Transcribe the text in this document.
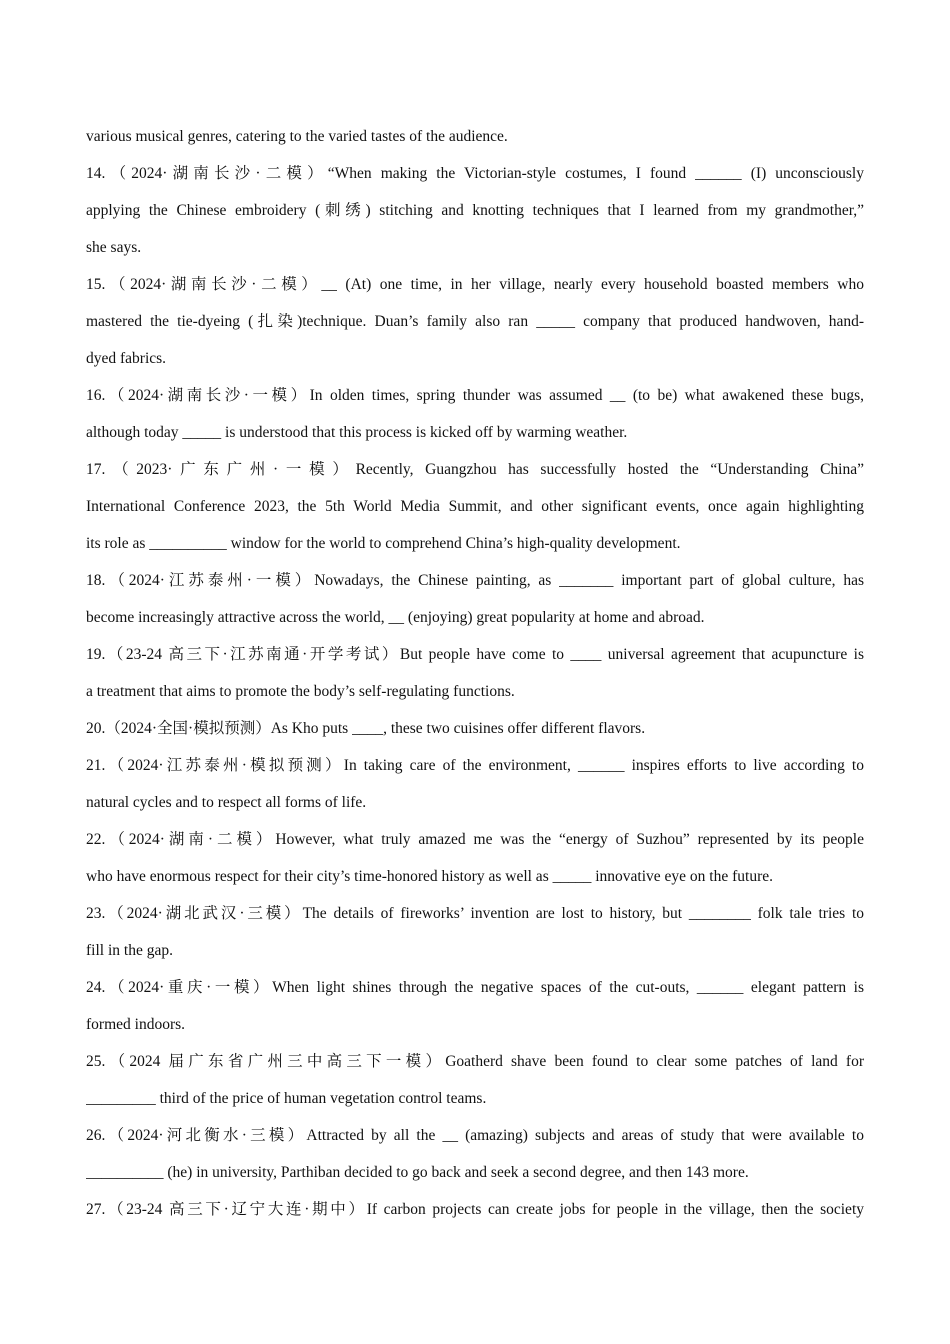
various musical genres, catering to the varied tastes of the audience.
14.（2024·湖南长沙·二模）“When making the Victorian-style costumes, I found ______ (I) unconsciously
applying the Chinese embroidery (刺绣) stitching and knotting techniques that I learned from my grandmother,”
she says.
15.（2024·湖南长沙·二模）__ (At) one time, in her village, nearly every household boasted members who
mastered the tie-dyeing (扎染)technique. Duan’s family also ran _____ company that produced handwoven, hand-
dyed fabrics.
16.（2024·湖南长沙·一模）In olden times, spring thunder was assumed __ (to be) what awakened these bugs,
although today _____ is understood that this process is kicked off by warming weather.
17.（2023·广东广州·一模）Recently, Guangzhou has successfully hosted the “Understanding China”
International Conference 2023, the 5th World Media Summit, and other significant events, once again highlighting
its role as __________ window for the world to comprehend China’s high-quality development.
18.（2024·江苏泰州·一模）Nowadays, the Chinese painting, as _______ important part of global culture, has
become increasingly attractive across the world, __ (enjoying) great popularity at home and abroad.
19.（23-24 高三下·江苏南通·开学考试）But people have come to ____ universal agreement that acupuncture is
a treatment that aims to promote the body’s self-regulating functions.
20.（2024·全国·模拟预测）As Kho puts ____, these two cuisines offer different flavors.
21.（2024·江苏泰州·模拟预测）In taking care of the environment, ______ inspires efforts to live according to
natural cycles and to respect all forms of life.
22.（2024·湖南·二模）However, what truly amazed me was the “energy of Suzhou” represented by its people
who have enormous respect for their city’s time-honored history as well as _____ innovative eye on the future.
23.（2024·湖北武汉·三模）The details of fireworks’ invention are lost to history, but ________ folk tale tries to
fill in the gap.
24.（2024·重庆·一模）When light shines through the negative spaces of the cut-outs, ______ elegant pattern is
formed indoors.
25.（2024 届广东省广州三中高三下一模）Goatherd shave been found to clear some patches of land for
_________ third of the price of human vegetation control teams.
26.（2024·河北衡水·三模）Attracted by all the __ (amazing) subjects and areas of study that were available to
__________ (he) in university, Parthiban decided to go back and seek a second degree, and then 143 more.
27.（23-24 高三下·辽宁大连·期中）If carbon projects can create jobs for people in the village, then the society
